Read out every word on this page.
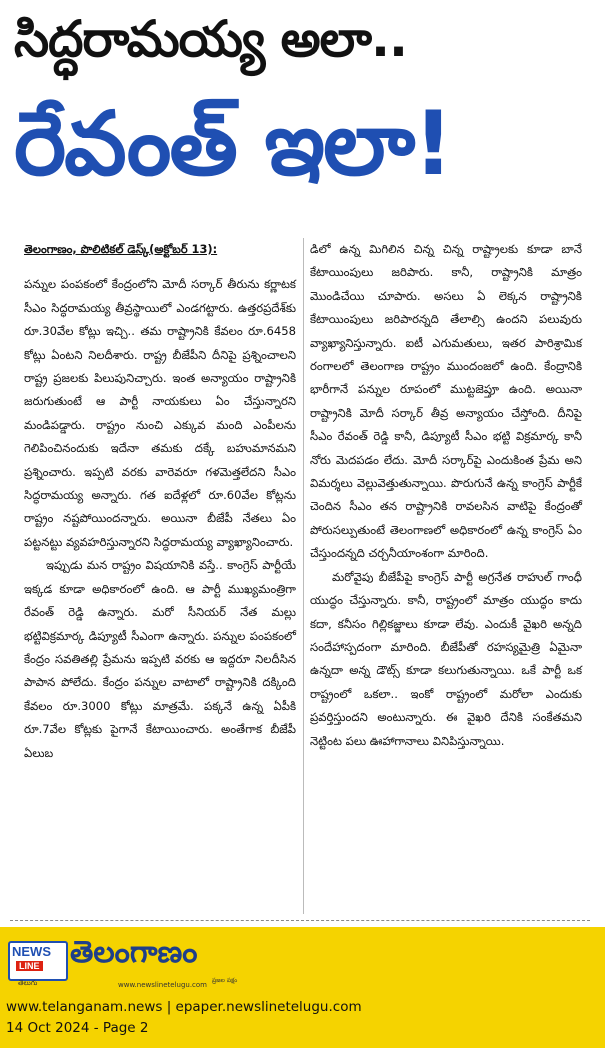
సిద్ధరామయ్య అలా..
రేవంత్ ఇలా!

తెలంగాణం, పొలిటికల్ డెస్క్(అక్టోబర్ 13):

పన్నుల పంపకంలో కేంద్రంలోని మోదీ సర్కార్ తీరును కర్ణాటక సీఎం సిద్ధరామయ్య తీవ్రస్థాయిలో ఎండగట్టారు. ఉత్తరప్రదేశ్‌కు రూ.30వేల కోట్లు ఇచ్చి.. తమ రాష్ట్రానికి కేవలం రూ.6458 కోట్లు ఏంటని నిలదీశారు. రాష్ట్ర బీజేపీని దీనిపై ప్రశ్నించాలని రాష్ట్ర ప్రజలకు పిలుపునిచ్చారు. ఇంత అన్యాయం రాష్ట్రానికి జరుగుతుంటే ఆ పార్టీ నాయకులు ఏం చేస్తున్నారని మండిపడ్డారు. రాష్ట్రం నుంచి ఎక్కువ మంది ఎంపీలను గెలిపించినందుకు ఇదేనా తమకు దక్కే బహుమానమని ప్రశ్నించారు. ఇప్పటి వరకు వారెవరూ గళమెత్తలేదని సీఎం సిద్ధరామయ్య అన్నారు. గత ఐదేళ్లలో రూ.60వేల కోట్లను రాష్ట్రం నష్టపోయిందన్నారు. అయినా బీజేపీ నేతలు ఏం పట్టనట్టు వ్యవహరిస్తున్నారని సిద్ధరామయ్య వ్యాఖ్యానించారు.

ఇప్పుడు మన రాష్ట్రం విషయానికి వస్తే.. కాంగ్రెస్ పార్టీయే ఇక్కడ కూడా అధికారంలో ఉంది. ఆ పార్టీ ముఖ్యమంత్రిగా రేవంత్ రెడ్డి ఉన్నారు. మరో సీనియర్ నేత మల్లు భట్టివిక్రమార్క డిప్యూటీ సీఎంగా ఉన్నారు. పన్నుల పంపకంలో కేంద్రం సవతితల్లి ప్రేమను ఇప్పటి వరకు ఆ ఇద్దరూ నిలదీసిన పాపాన పోలేదు. కేంద్రం పన్నుల వాటాలో రాష్ట్రానికి దక్కింది కేవలం రూ.3000 కోట్లు మాత్రమే. పక్కనే ఉన్న ఏపీకి రూ.7వేల కోట్లకు పైగానే కేటాయించారు. అంతేగాక బీజేపీ ఏలుబ

డిలో ఉన్న మిగిలిన చిన్న చిన్న రాష్ట్రాలకు కూడా బానే కేటాయింపులు జరిపారు. కానీ, రాష్ట్రానికి మాత్రం మొండిచేయి చూపారు. అసలు ఏ లెక్కన రాష్ట్రానికి కేటాయింపులు జరిపారన్నది తేలాల్సి ఉందని పలువురు వ్యాఖ్యానిస్తున్నారు. ఐటీ ఎగుమతులు, ఇతర పారిశ్రామిక రంగాలలో తెలంగాణ రాష్ట్రం ముందంజలో ఉంది. కేంద్రానికి భారీగానే పన్నుల రూపంలో ముట్టజెప్తూ ఉంది. అయినా రాష్ట్రానికి మోదీ సర్కార్ తీవ్ర అన్యాయం చేస్తోంది. దీనిపై సీఎం రేవంత్ రెడ్డి కానీ, డిప్యూటీ సీఎం భట్టి విక్రమార్క కానీ నోరు మెదపడం లేదు. మోదీ సర్కార్‌పై ఎందుకింత ప్రేమ అని విమర్శలు వెల్లువెత్తుతున్నాయి. పొరుగునే ఉన్న కాంగ్రెస్ పార్టీకే చెందిన సీఎం తన రాష్ట్రానికి రావలసిన వాటిపై కేంద్రంతో పోరుసల్పుతుంటే తెలంగాణలో అధికారంలో ఉన్న కాంగ్రెస్ ఏం చేస్తుందన్నది చర్చనీయాంశంగా మారింది.

మరోవైపు బీజేపీపై కాంగ్రెస్ పార్టీ అగ్రనేత రాహుల్ గాంధీ యుద్ధం చేస్తున్నారు. కానీ, రాష్ట్రంలో మాత్రం యుద్ధం కాదు కదా, కనీసం గిల్లికజ్జాలు కూడా లేవు. ఎందుకీ వైఖరి అన్నది సందేహాస్పదంగా మారింది. బీజేపీతో రహస్యమైత్రి ఏమైనా ఉన్నదా అన్న డౌట్స్ కూడా కలుగుతున్నాయి. ఒకే పార్టీ ఒక రాష్ట్రంలో ఒకలా.. ఇంకో రాష్ట్రంలో మరోలా ఎందుకు ప్రవర్తిస్తుందని అంటున్నారు. ఈ వైఖరి దేనికి సంకేతమని నెట్టింట పలు ఊహాగానాలు వినిపిస్తున్నాయి.

NEWS
LINE
తెలుగు
తెలంగాణం
www.newslinetelugu.com
ప్రజల పక్షం
www.telanganam.news | epaper.newslinetelugu.com
14 Oct 2024 - Page 2
